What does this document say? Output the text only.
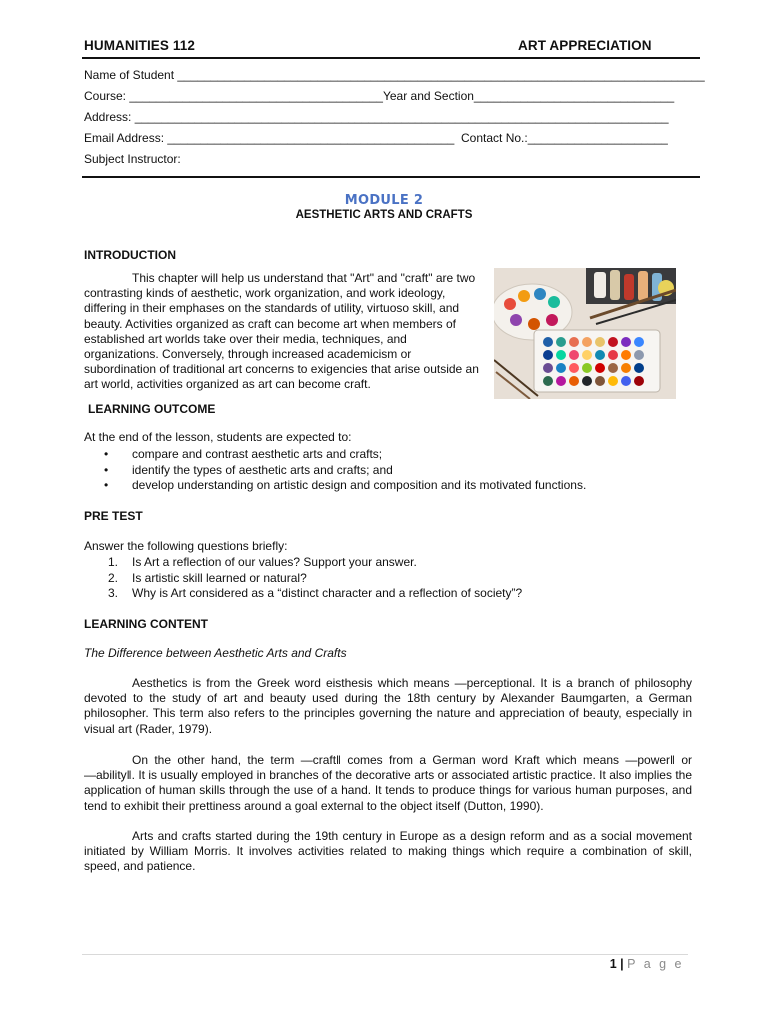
HUMANITIES 112	ART APPRECIATION
Name of Student _______________________________________________________________________________
Course: ______________________________________Year and Section______________________________
Address: ________________________________________________________________________________
Email Address: ___________________________________________  Contact No.:_____________________
Subject Instructor:
MODULE 2
AESTHETIC ARTS AND CRAFTS
INTRODUCTION
This chapter will help us understand that "Art" and "craft" are two contrasting kinds of aesthetic, work organization, and work ideology, differing in their emphases on the standards of utility, virtuoso skill, and beauty. Activities organized as craft can become art when members of established art worlds take over their media, techniques, and organizations. Conversely, through increased academicism or subordination of traditional art concerns to exigencies that arise outside an art world, activities organized as art can become craft.
LEARNING OUTCOME
At the end of the lesson, students are expected to:
• compare and contrast aesthetic arts and crafts;
• identify the types of aesthetic arts and crafts; and
• develop understanding on artistic design and composition and its motivated functions.
PRE TEST
Answer the following questions briefly:
1. Is Art a reflection of our values? Support your answer.
2. Is artistic skill learned or natural?
3. Why is Art considered as a “distinct character and a reflection of society”?
LEARNING CONTENT
The Difference between Aesthetic Arts and Crafts
Aesthetics is from the Greek word eisthesis which means ―perceptional. It is a branch of philosophy devoted to the study of art and beauty used during the 18th century by Alexander Baumgarten, a German philosopher. This term also refers to the principles governing the nature and appreciation of beauty, especially in visual art (Rader, 1979).
On the other hand, the term ―craftǁ comes from a German word Kraft which means ―powerǁ or ―abilityǁ. It is usually employed in branches of the decorative arts or associated artistic practice. It also implies the application of human skills through the use of a hand. It tends to produce things for various human purposes, and tend to exhibit their prettiness around a goal external to the object itself (Dutton, 1990).
Arts and crafts started during the 19th century in Europe as a design reform and as a social movement initiated by William Morris. It involves activities related to making things which require a combination of skill, speed, and patience.
1 | P a g e
